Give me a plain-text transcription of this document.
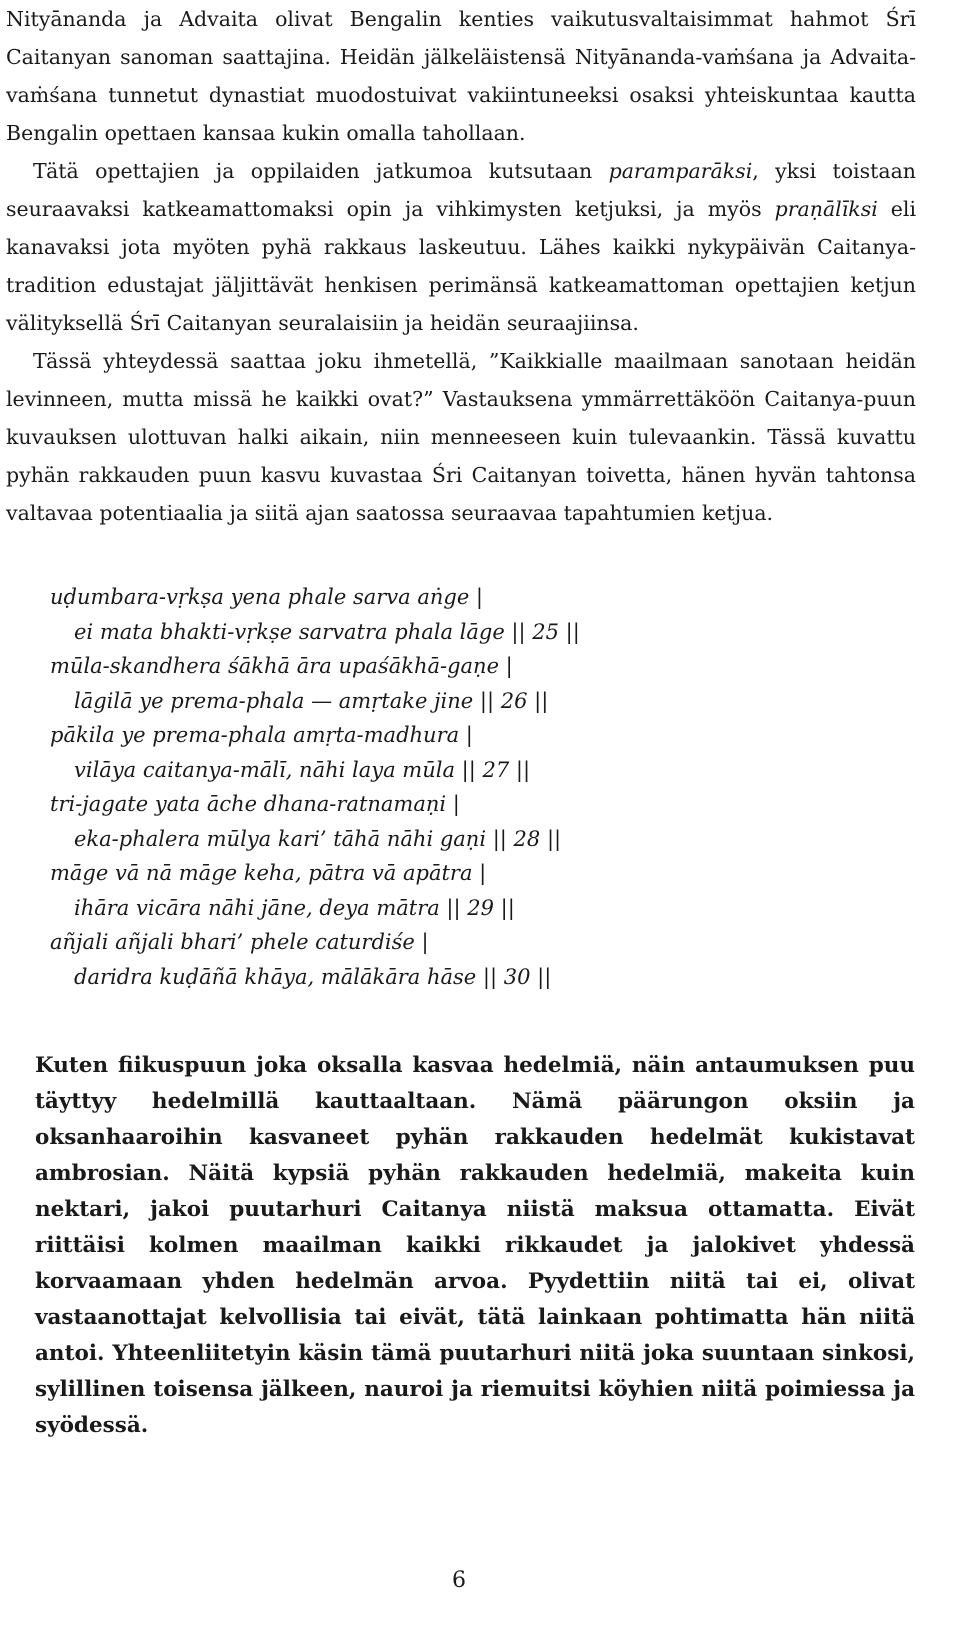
Nityānanda ja Advaita olivat Bengalin kenties vaikutusvaltaisimmat hahmot Śrī Caitanyan sanoman saattajina. Heidän jälkeläistensä Nityānanda-vaṁśana ja Advaita-vaṁśana tunnetut dynastiat muodostuivat vakiintuneeksi osaksi yhteiskuntaa kautta Bengalin opettaen kansaa kukin omalla tahollaan.

Tätä opettajien ja oppilaiden jatkumoa kutsutaan paramparāksi, yksi toistaan seuraavaksi katkeamattomaksi opin ja vihkimysten ketjuksi, ja myös praṇālīksi eli kanavaksi jota myöten pyhä rakkaus laskeutuu. Lähes kaikki nykypäivän Caitanya-tradition edustajat jäljittävät henkisen perimänsä katkeamattoman opettajien ketjun välityksellä Śrī Caitanyan seuralaisiin ja heidän seuraajiinsa.

Tässä yhteydessä saattaa joku ihmetellä, ”Kaikkialle maailmaan sanotaan heidän levinneen, mutta missä he kaikki ovat?” Vastauksena ymmärrettäköön Caitanya-puun kuvauksen ulottuvan halki aikain, niin menneeseen kuin tulevaankin. Tässä kuvattu pyhän rakkauden puun kasvu kuvastaa Śri Caitanyan toivetta, hänen hyvän tahtonsa valtavaa potentiaalia ja siitä ajan saatossa seuraavaa tapahtumien ketjua.

uḍumbara-vṛkṣa yena phale sarva aṅge |

ei mata bhakti-vṛkṣe sarvatra phala lāge || 25 ||

mūla-skandhera śākhā āra upaśākhā-gaṇe |

lāgilā ye prema-phala — amṛtake jine || 26 ||

pākila ye prema-phala amṛta-madhura |

vilāya caitanya-mālī, nāhi laya mūla || 27 ||

tri-jagate yata āche dhana-ratnamaṇi |

eka-phalera mūlya kari’ tāhā nāhi gaṇi || 28 ||

māge vā nā māge keha, pātra vā apātra |

ihāra vicāra nāhi jāne, deya mātra || 29 ||

añjali añjali bhari’ phele caturdiśe |

daridra kuḍāñā khāya, mālākāra hāse || 30 ||

Kuten fiikuspuun joka oksalla kasvaa hedelmiä, näin antaumuksen puu täyttyy hedelmillä kauttaaltaan. Nämä päärungon oksiin ja oksanhaaroihin kasvaneet pyhän rakkauden hedelmät kukistavat ambrosian. Näitä kypsiä pyhän rakkauden hedelmiä, makeita kuin nektari, jakoi puutarhuri Caitanya niistä maksua ottamatta. Eivät riittäisi kolmen maailman kaikki rikkaudet ja jalokivet yhdessä korvaamaan yhden hedelmän arvoa. Pyydettiin niitä tai ei, olivat vastaanottajat kelvollisia tai eivät, tätä lainkaan pohtimatta hän niitä antoi. Yhteenliitetyin käsin tämä puutarhuri niitä joka suuntaan sinkosi, sylillinen toisensa jälkeen, nauroi ja riemuitsi köyhien niitä poimiessa ja syödessä.

6
